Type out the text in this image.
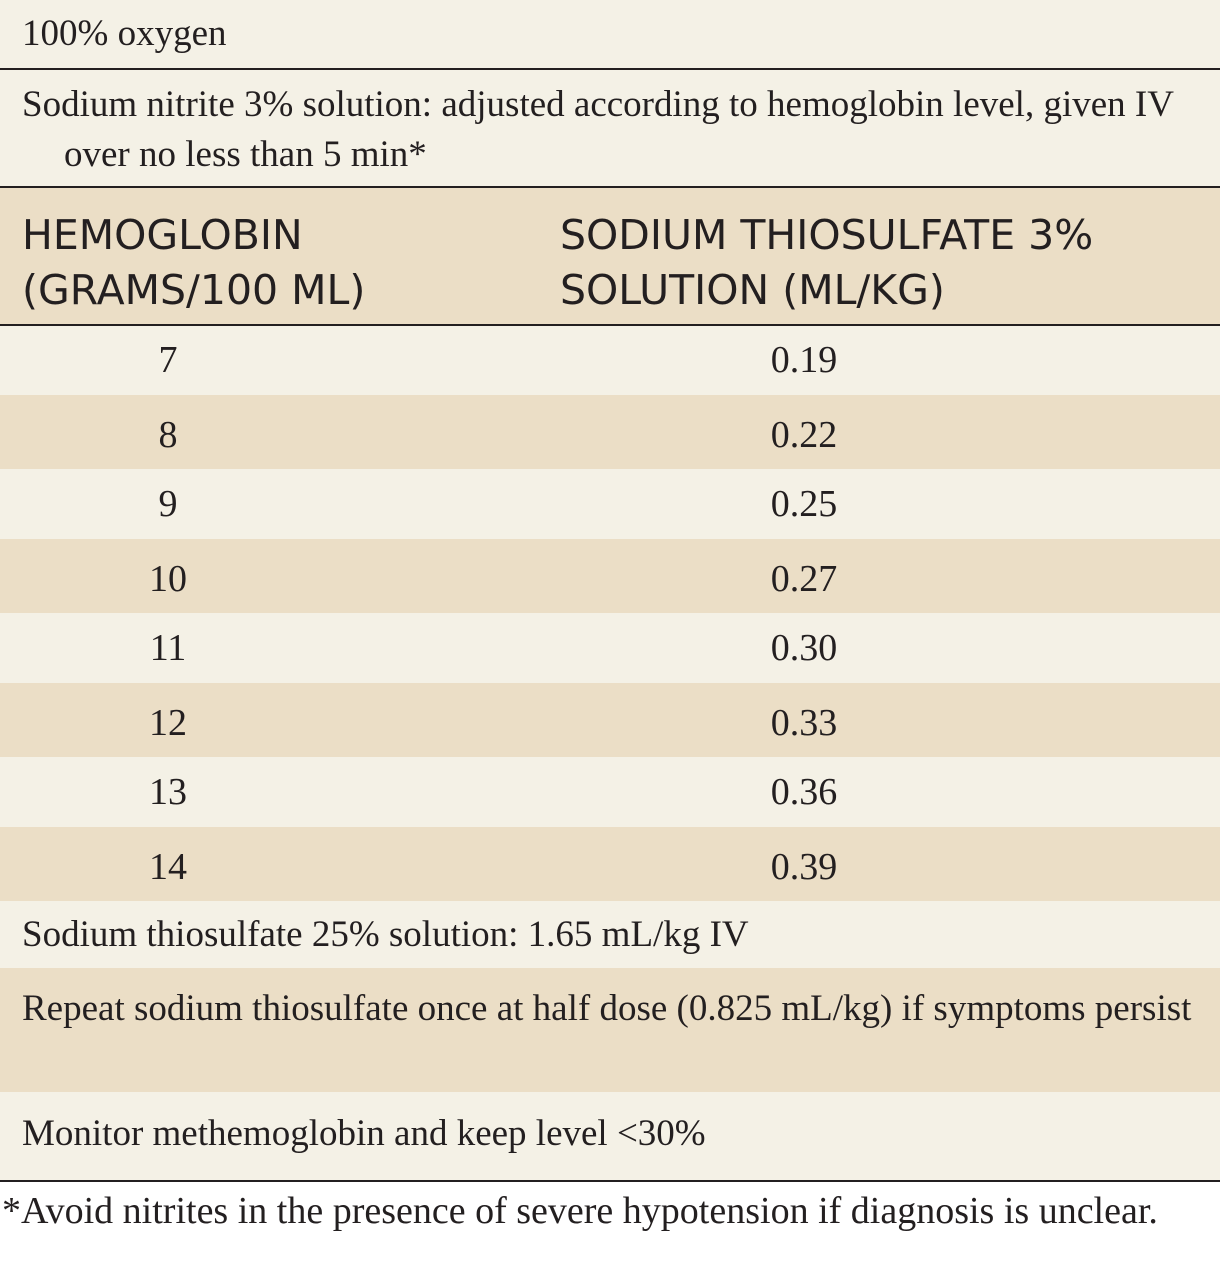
100% oxygen
Sodium nitrite 3% solution: adjusted according to hemoglobin level, given IV over no less than 5 min*
HEMOGLOBIN (GRAMS/100 ML)
SODIUM THIOSULFATE 3% SOLUTION (ML/KG)
7	0.19
8	0.22
9	0.25
10	0.27
11	0.30
12	0.33
13	0.36
14	0.39
Sodium thiosulfate 25% solution: 1.65 mL/kg IV
Repeat sodium thiosulfate once at half dose (0.825 mL/kg) if symptoms persist
Monitor methemoglobin and keep level <30%
*Avoid nitrites in the presence of severe hypotension if diagnosis is unclear.
